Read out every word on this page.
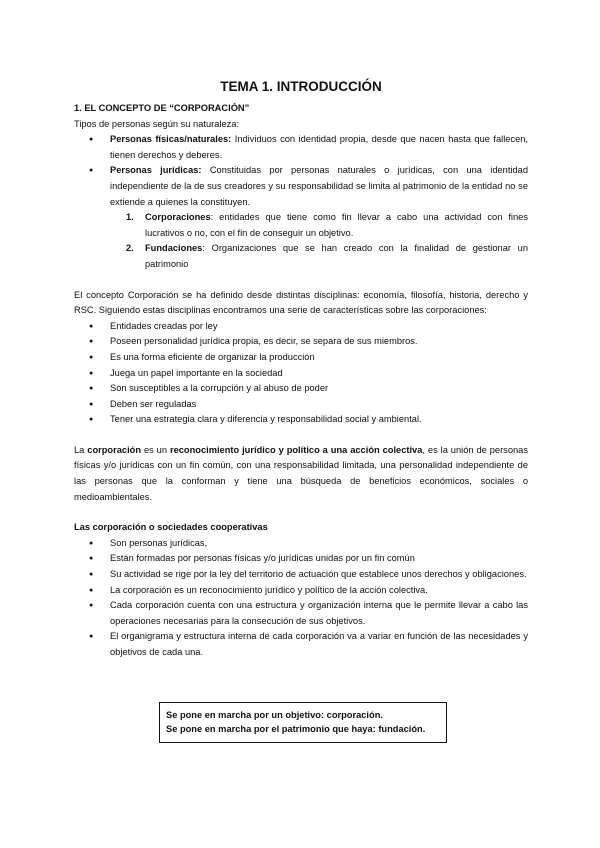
TEMA 1. INTRODUCCIÓN
1. EL CONCEPTO DE “CORPORACIÓN”

Tipos de personas según su naturaleza:

● Personas físicas/naturales: Individuos con identidad propia, desde que nacen hasta que fallecen, tienen derechos y deberes.
● Personas jurídicas: Constituidas por personas naturales o jurídicas, con una identidad independiente de la de sus creadores y su responsabilidad se limita al patrimonio de la entidad no se extiende a quienes la constituyen.
1. Corporaciones: entidades que tiene como fin llevar a cabo una actividad con fines lucrativos o no, con el fin de conseguir un objetivo.
2. Fundaciones: Organizaciones que se han creado con la finalidad de gestionar un patrimonio

El concepto Corporación se ha definido desde distintas disciplinas: economía, filosofía, historia, derecho y RSC. Siguiendo estas disciplinas encontramos una serie de características sobre las corporaciones:

● Entidades creadas por ley
● Poseen personalidad jurídica propia, es decir, se separa de sus miembros.
● Es una forma eficiente de organizar la producción
● Juega un papel importante en la sociedad
● Son susceptibles a la corrupción y al abuso de poder
● Deben ser reguladas
● Tener una estrategia clara y diferencia y responsabilidad social y ambiental.

La corporación es un reconocimiento jurídico y político a una acción colectiva, es la unión de personas físicas y/o jurídicas con un fin común, con una responsabilidad limitada, una personalidad independiente de las personas que la conforman y tiene una búsqueda de beneficios económicos, sociales o medioambientales.

Las corporación o sociedades cooperativas
● Son personas jurídicas,
● Están formadas por personas físicas y/o jurídicas unidas por un fin común
● Su actividad se rige por la ley del territorio de actuación que establece unos derechos y obligaciones.
● La corporación es un reconocimiento jurídico y político de la acción colectiva.
● Cada corporación cuenta con una estructura y organización interna que le permite llevar a cabo las operaciones necesarias para la consecución de sus objetivos.
● El organigrama y estructura interna de cada corporación va a variar en función de las necesidades y objetivos de cada una.
Se pone en marcha por un objetivo: corporación.
Se pone en marcha por el patrimonio que haya: fundación.
